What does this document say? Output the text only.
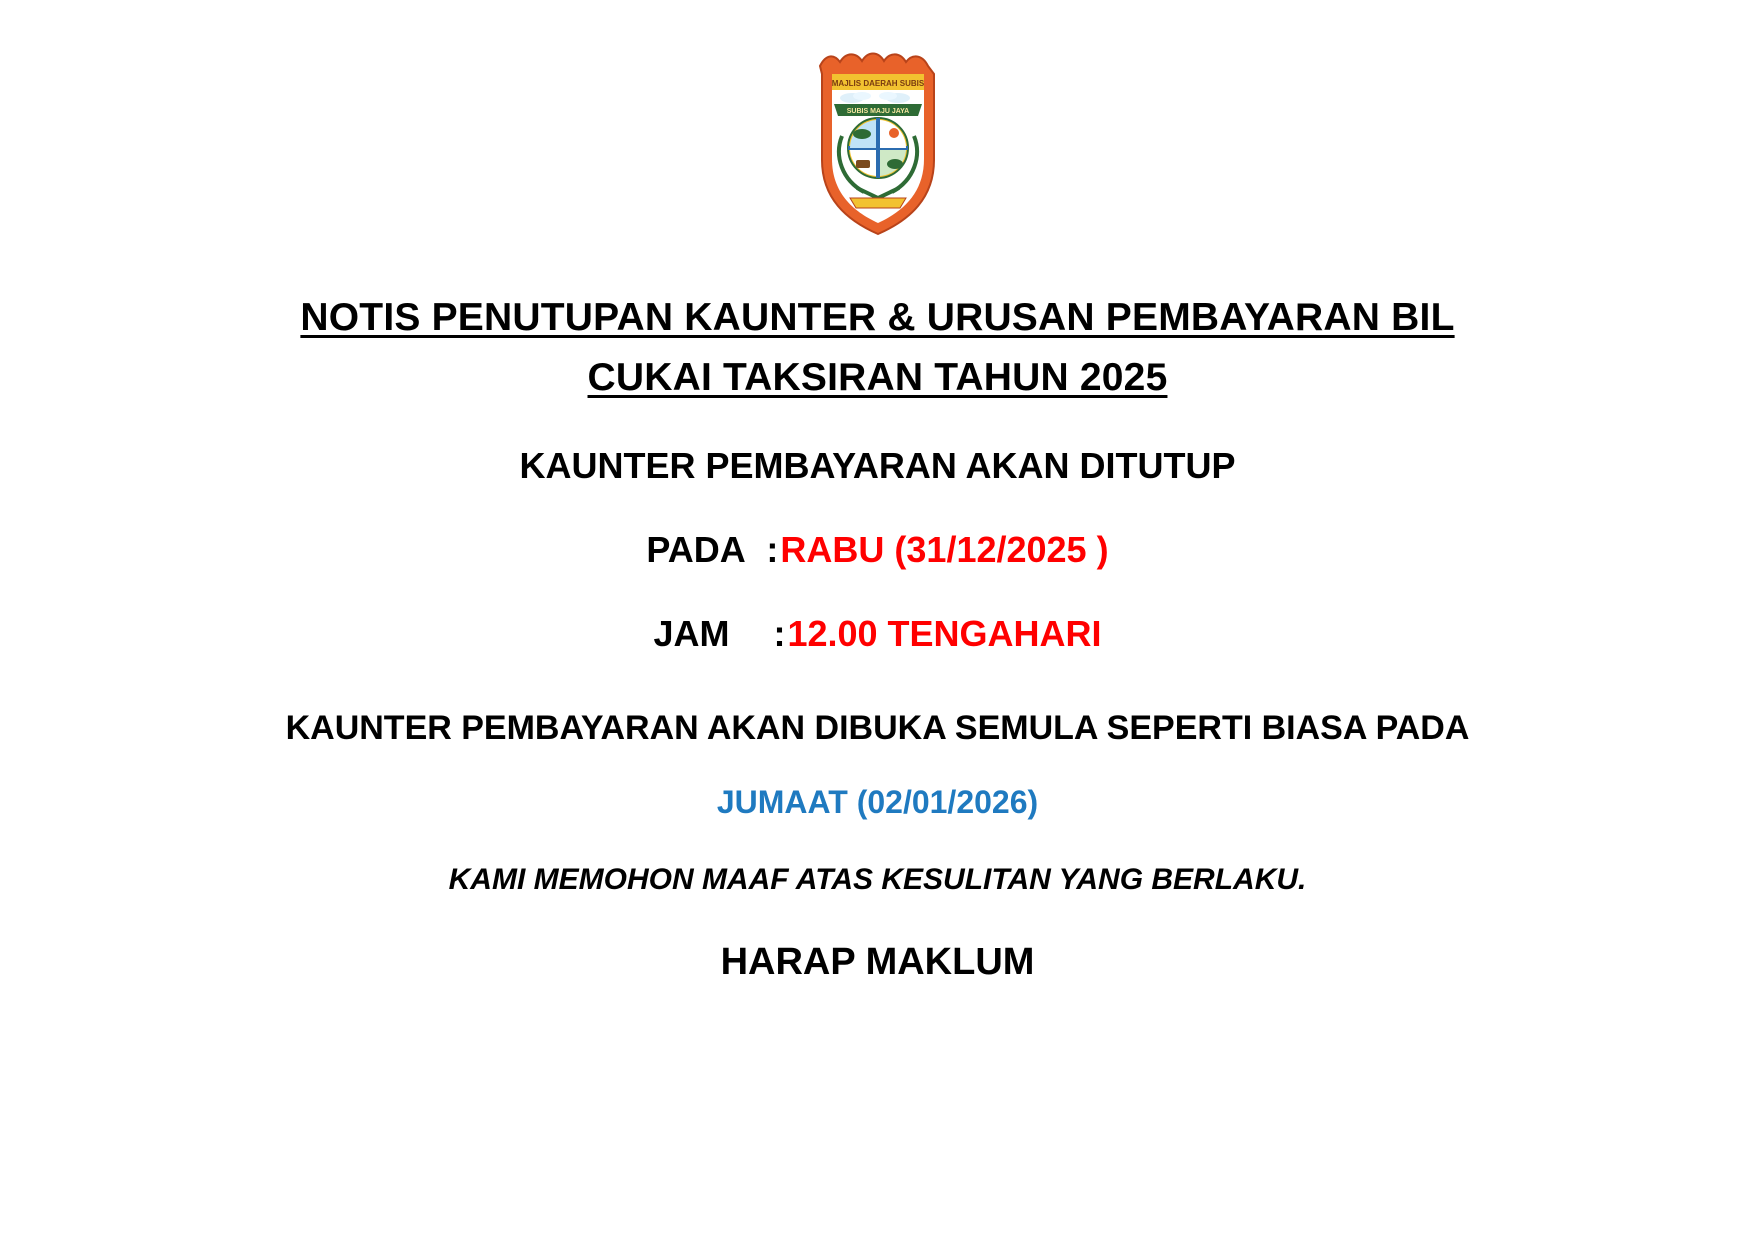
MAJLIS DAERAH SUBIS
SUBIS MAJU JAYA
NOTIS PENUTUPAN KAUNTER & URUSAN PEMBAYARAN BIL
CUKAI TAKSIRAN TAHUN 2025
KAUNTER PEMBAYARAN AKAN DITUTUP
PADA :RABU (31/12/2025 )
JAM :12.00 TENGAHARI
KAUNTER PEMBAYARAN AKAN DIBUKA SEMULA SEPERTI BIASA PADA
JUMAAT (02/01/2026)
KAMI MEMOHON MAAF ATAS KESULITAN YANG BERLAKU.
HARAP MAKLUM
